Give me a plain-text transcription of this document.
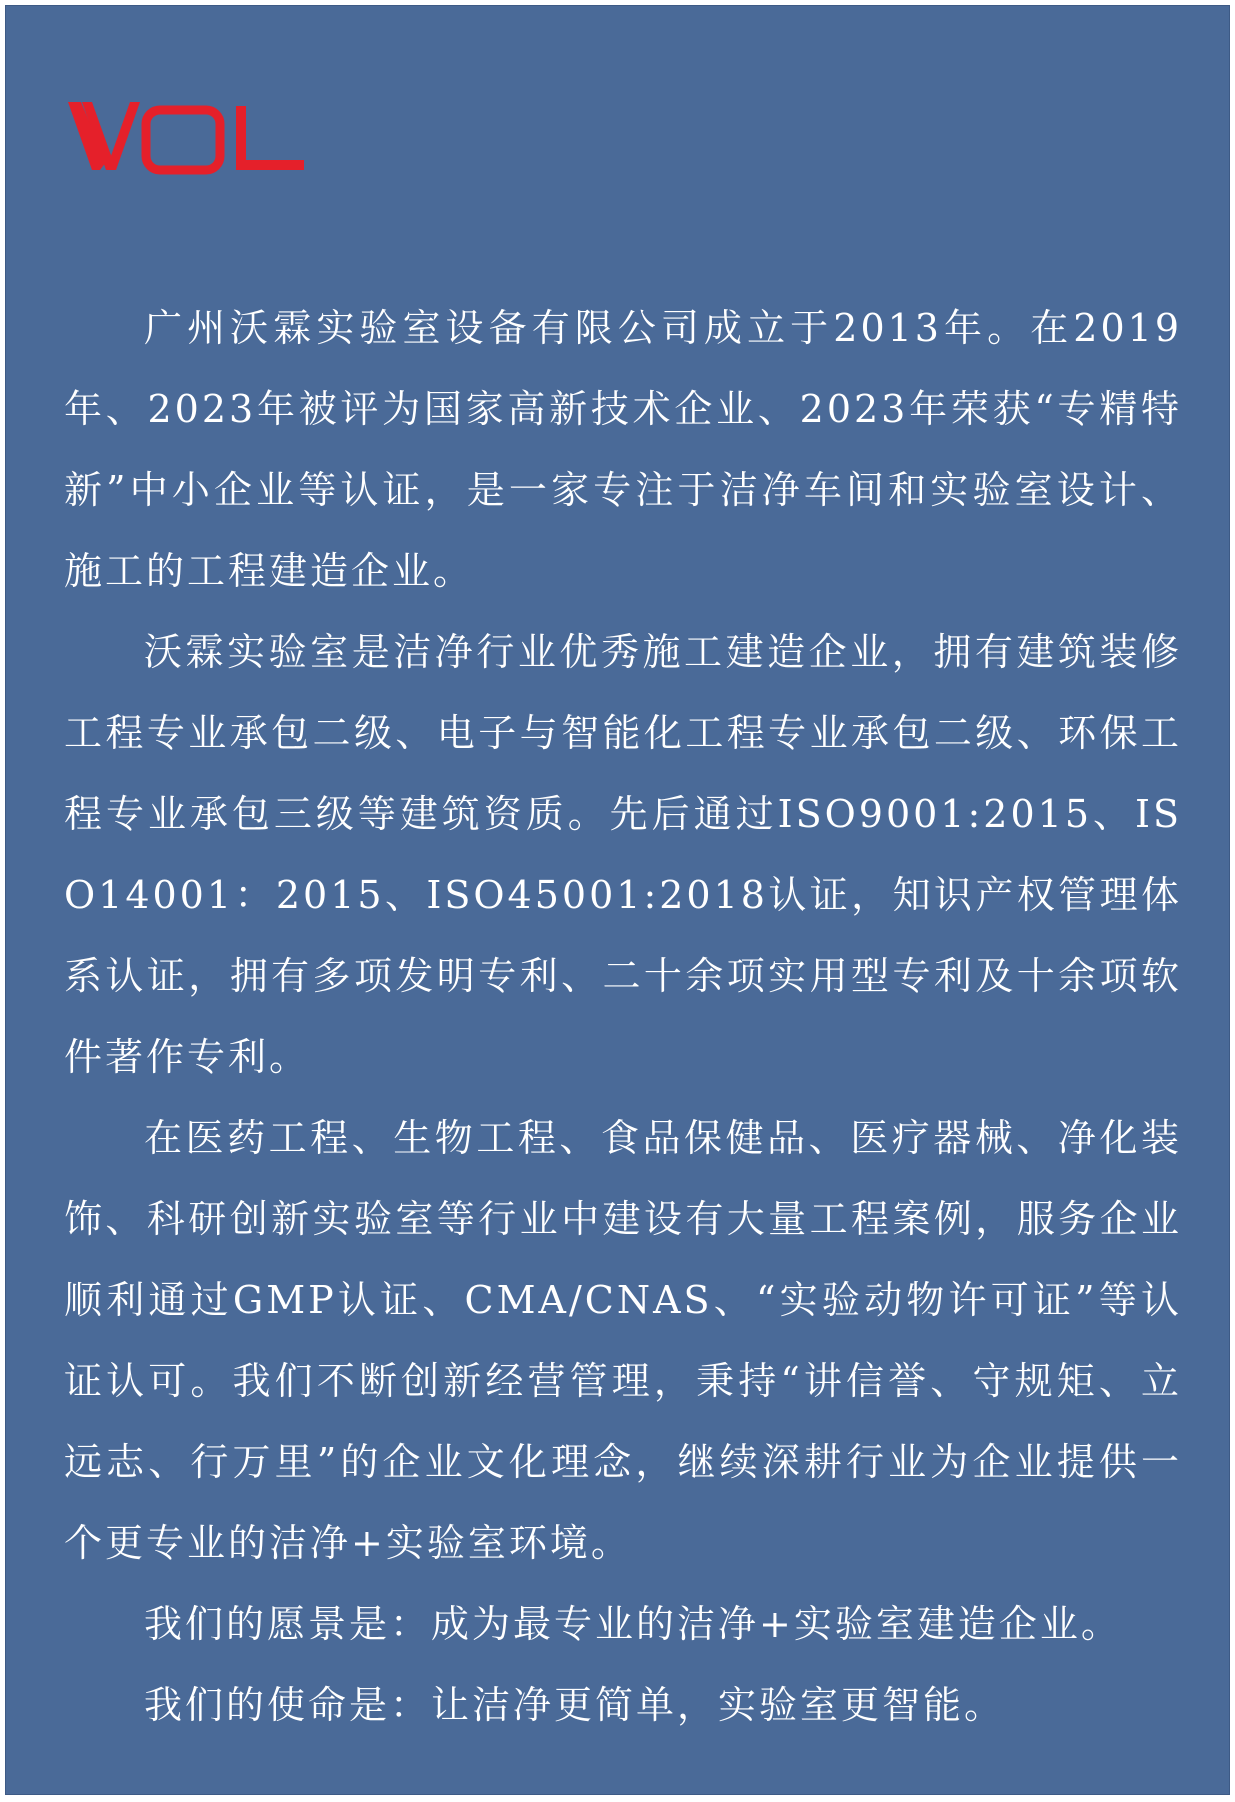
广州沃霖实验室设备有限公司成立于2013年。在2019年、2023年被评为国家高新技术企业、2023年荣获“专精特新”中小企业等认证，是一家专注于洁净车间和实验室设计、施工的工程建造企业。

沃霖实验室是洁净行业优秀施工建造企业，拥有建筑装修工程专业承包二级、电子与智能化工程专业承包二级、环保工程专业承包三级等建筑资质。先后通过ISO9001:2015、ISO14001：2015、ISO45001:2018认证，知识产权管理体系认证，拥有多项发明专利、二十余项实用型专利及十余项软件著作专利。

在医药工程、生物工程、食品保健品、医疗器械、净化装饰、科研创新实验室等行业中建设有大量工程案例，服务企业顺利通过GMP认证、CMA/CNAS、“实验动物许可证”等认证认可。我们不断创新经营管理，秉持“讲信誉、守规矩、立远志、行万里”的企业文化理念，继续深耕行业为企业提供一个更专业的洁净+实验室环境。

我们的愿景是：成为最专业的洁净+实验室建造企业。

我们的使命是：让洁净更简单，实验室更智能。
